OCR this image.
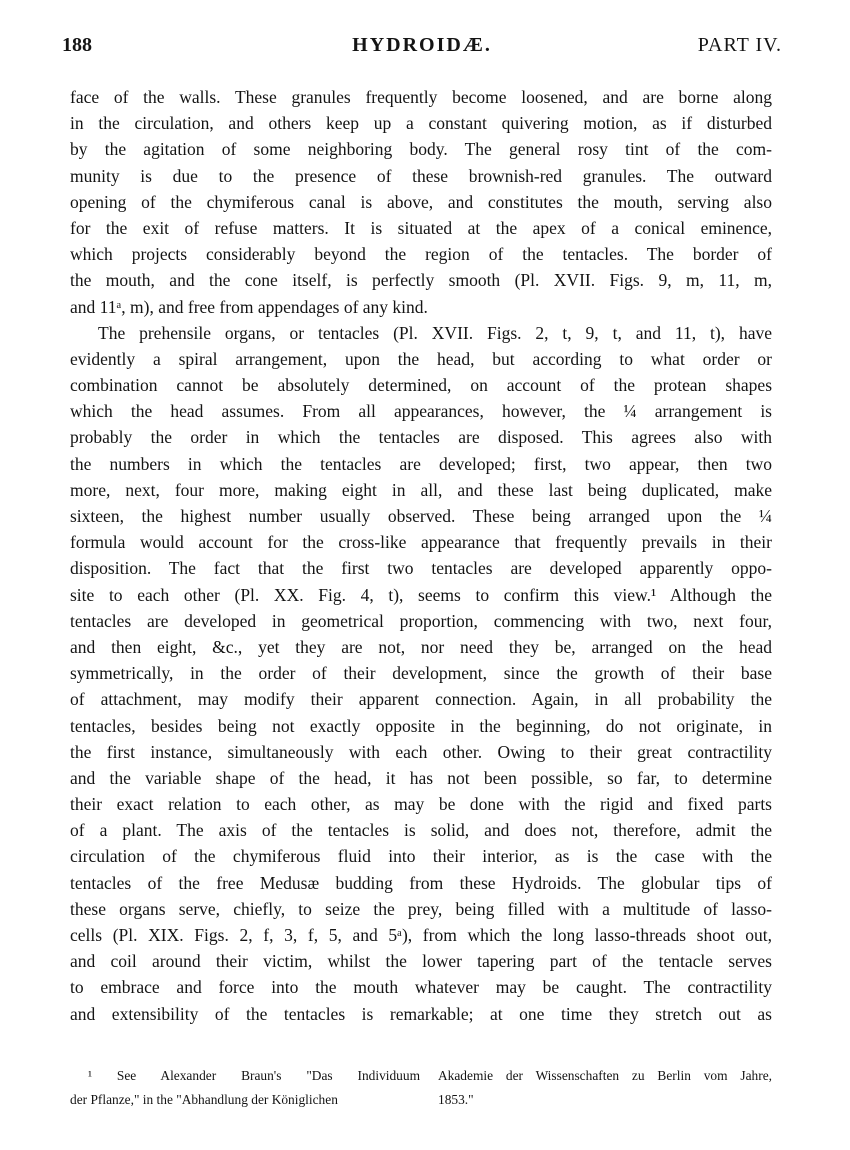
HYDROIDÆ.
188	PART IV.
face of the walls. These granules frequently become loosened, and are borne along
in the circulation, and others keep up a constant quivering motion, as if disturbed
by the agitation of some neighboring body. The general rosy tint of the com-
munity is due to the presence of these brownish-red granules. The outward
opening of the chymiferous canal is above, and constitutes the mouth, serving also
for the exit of refuse matters. It is situated at the apex of a conical eminence,
which projects considerably beyond the region of the tentacles. The border of
the mouth, and the cone itself, is perfectly smooth (Pl. XVII. Figs. 9, m, 11, m,
and 11ᵃ, m), and free from appendages of any kind.
The prehensile organs, or tentacles (Pl. XVII. Figs. 2, t, 9, t, and 11, t), have
evidently a spiral arrangement, upon the head, but according to what order or
combination cannot be absolutely determined, on account of the protean shapes
which the head assumes. From all appearances, however, the ¼ arrangement is
probably the order in which the tentacles are disposed. This agrees also with
the numbers in which the tentacles are developed; first, two appear, then two
more, next, four more, making eight in all, and these last being duplicated, make
sixteen, the highest number usually observed. These being arranged upon the ¼
formula would account for the cross-like appearance that frequently prevails in their
disposition. The fact that the first two tentacles are developed apparently oppo-
site to each other (Pl. XX. Fig. 4, t), seems to confirm this view.¹ Although the
tentacles are developed in geometrical proportion, commencing with two, next four,
and then eight, &c., yet they are not, nor need they be, arranged on the head
symmetrically, in the order of their development, since the growth of their base
of attachment, may modify their apparent connection. Again, in all probability the
tentacles, besides being not exactly opposite in the beginning, do not originate, in
the first instance, simultaneously with each other. Owing to their great contractility
and the variable shape of the head, it has not been possible, so far, to determine
their exact relation to each other, as may be done with the rigid and fixed parts
of a plant. The axis of the tentacles is solid, and does not, therefore, admit the
circulation of the chymiferous fluid into their interior, as is the case with the
tentacles of the free Medusæ budding from these Hydroids. The globular tips of
these organs serve, chiefly, to seize the prey, being filled with a multitude of lasso-
cells (Pl. XIX. Figs. 2, f, 3, f, 5, and 5ᵃ), from which the long lasso-threads shoot out,
and coil around their victim, whilst the lower tapering part of the tentacle serves
to embrace and force into the mouth whatever may be caught. The contractility
and extensibility of the tentacles is remarkable; at one time they stretch out as
¹ See Alexander Braun's "Das Individuum
der Pflanze," in the "Abhandlung der Königlichen
Akademie der Wissenschaften zu Berlin vom Jahre,
1853."
